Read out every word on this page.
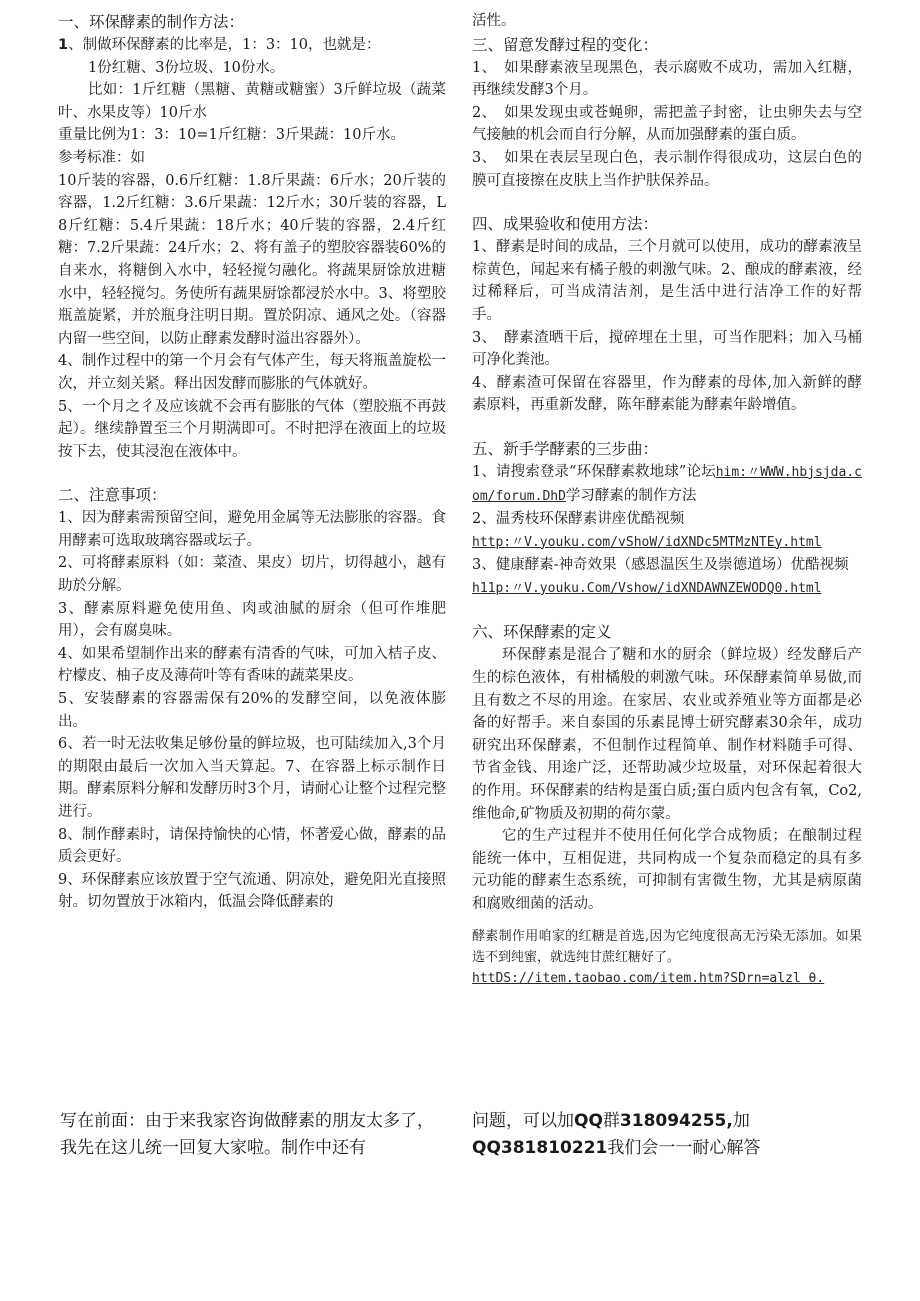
一、环保酵素的制作方法：

1、制做环保酵素的比率是，1：3：10，也就是：

1份红糖、3份垃圾、10份水。

比如：1斤红糖（黑糖、黄糖或糖蜜）3斤鲜垃圾（蔬菜叶、水果皮等）10斤水

重量比例为1：3：10=1斤红糖：3斤果蔬：10斤水。

参考标准：如

10斤装的容器，0.6斤红糖：1.8斤果蔬：6斤水；20斤装的容器，1.2斤红糖：3.6斤果蔬：12斤水；30斤装的容器，L8斤红糖：5.4斤果蔬：18斤水；40斤装的容器，2.4斤红糖：7.2斤果蔬：24斤水；2、将有盖子的塑胶容器装60%的自来水，将糖倒入水中，轻轻搅匀融化。将蔬果厨馀放进糖水中，轻轻搅匀。务使所有蔬果厨馀都浸於水中。3、将塑胶瓶盖旋紧，并於瓶身注明日期。置於阴凉、通风之处。（容器内留一些空间，以防止酵素发酵时溢出容器外）。

4、制作过程中的第一个月会有气体产生，每天将瓶盖旋松一次，并立刻关紧。释出因发酵而膨胀的气体就好。

5、一个月之彳及应该就不会再有膨胀的气体（塑胶瓶不再鼓起）。继续静置至三个月期满即可。不时把浮在液面上的垃圾按下去，使其浸泡在液体中。

二、注意事项：

1、因为酵素需预留空间，避免用金属等无法膨胀的容器。食用酵素可选取玻璃容器或坛子。

2、可将酵素原料（如：菜渣、果皮）切片，切得越小，越有助於分解。

3、酵素原料避免使用鱼、肉或油腻的厨余（但可作堆肥用），会有腐臭味。

4、如果希望制作出来的酵素有清香的气味，可加入桔子皮、柠檬皮、柚子皮及薄荷叶等有香味的蔬菜果皮。

5、安装酵素的容器需保有20%的发酵空间，以免液体膨出。

6、若一时无法收集足够份量的鲜垃圾，也可陆续加入,3个月的期限由最后一次加入当天算起。7、在容器上标示制作日期。酵素原料分解和发酵历时3个月，请耐心让整个过程完整进行。

8、制作酵素时，请保持愉快的心情，怀著爱心做，酵素的品质会更好。

9、环保酵素应该放置于空气流通、阴凉处，避免阳光直接照射。切勿置放于冰箱内，低温会降低酵素的

活性。

三、留意发酵过程的变化：

1、　如果酵素液呈现黑色，表示腐败不成功，需加入红糖，再继续发酵3个月。

2、　如果发现虫或苍蝇卵，需把盖子封密，让虫卵失去与空气接触的机会而自行分解，从而加强酵素的蛋白质。

3、　如果在表层呈现白色，表示制作得很成功，这层白色的膜可直接擦在皮肤上当作护肤保养品。

四、成果验收和使用方法：

1、酵素是时间的成品，三个月就可以使用，成功的酵素液呈棕黄色，闻起来有橘子般的刺激气味。2、酿成的酵素液，经过稀释后，可当成清洁剂，是生活中进行洁净工作的好帮手。

3、　酵素渣晒干后，搅碎埋在土里，可当作肥料；加入马桶可净化粪池。

4、酵素渣可保留在容器里，作为酵素的母体,加入新鲜的酵素原料，再重新发酵，陈年酵素能为酵素年龄增值。

五、新手学酵素的三步曲：

1、请搜索登录“环保酵素救地球”论坛him:〃WWW.hbjsjda.com/forum.DhD学习酵素的制作方法

2、温秀枝环保酵素讲座优酷视频

http:〃V.youku.com/vShoW/idXNDc5MTMzNTEy.html

3、健康酵素-神奇效果（感恩温医生及崇德道场）优酷视频

h11p:〃V.youku.Com/Vshow/idXNDAWNZEWODQ0.html

六、环保酵素的定义

环保酵素是混合了糖和水的厨余（鲜垃圾）经发酵后产生的棕色液体，有柑橘般的刺激气味。环保酵素简单易做,而且有数之不尽的用途。在家居、农业或养殖业等方面都是必备的好帮手。来自泰国的乐素昆博士研究酵素30余年，成功研究出环保酵素，不但制作过程简单、制作材料随手可得、节省金钱、用途广泛，还帮助减少垃圾量，对环保起着很大的作用。环保酵素的结构是蛋白质;蛋白质内包含有氧，Co2,维他命,矿物质及初期的荷尔蒙。

它的生产过程并不使用任何化学合成物质；在酿制过程能统一体中，互相促进，共同构成一个复杂而稳定的具有多元功能的酵素生态系统，可抑制有害微生物，尤其是病原菌和腐败细菌的活动。

酵素制作用咱家的红糖是首选,因为它纯度很高无污染无添加。如果选不到纯蜜，就选纯甘蔗红糖好了。

httDS://item.taobao.com/item.htm?SDrn=alzl θ.

写在前面：由于来我家咨询做酵素的朋友太多了，我先在这儿统一回复大家啦。制作中还有
问题，可以加QQ群318094255,加
QQ381810221我们会一一耐心解答
